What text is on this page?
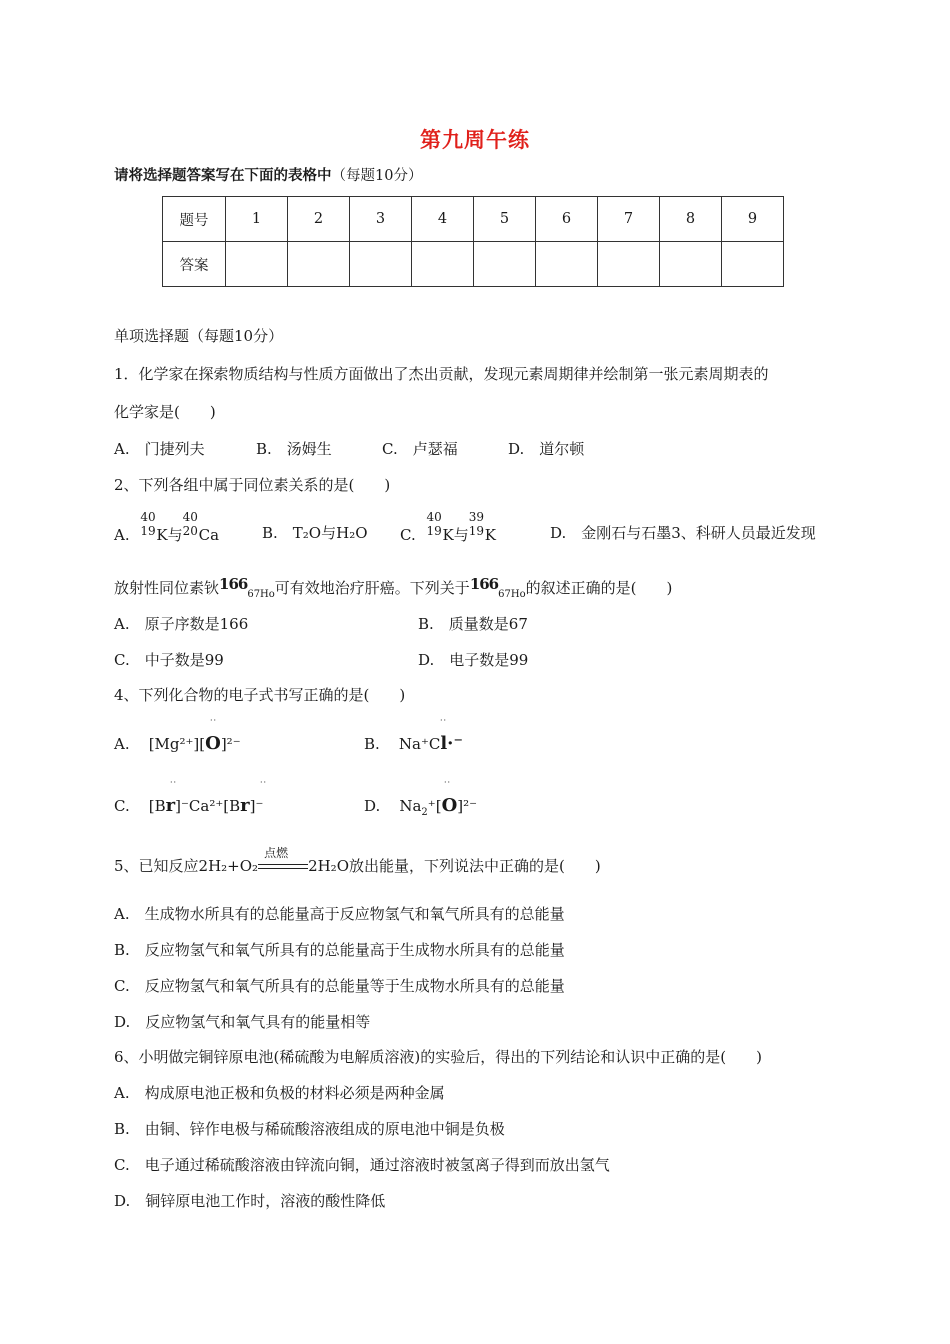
第九周午练
请将选择题答案写在下面的表格中（每题10分）
题号	1	2	3	4	5	6	7	8	9
答案									
单项选择题（每题10分）
1．化学家在探索物质结构与性质方面做出了杰出贡献，发现元素周期律并绘制第一张元素周期表的
化学家是(　　)
A.　门捷列夫	B.　汤姆生	C.　卢瑟福	D.　道尔顿
2、下列各组中属于同位素关系的是(　　)
A.
40
19 K与
40
20 Ca	B.　T₂O与H₂O C.
40
19 K与
39
19 K	D.　金刚石与石墨3、科研人员最近发现
放射性同位素钬$166_{67Ho}$可有效地治疗肝癌。下列关于$166_{67Ho}$的叙述正确的是(　　)
A.　原子序数是166	B.　质量数是67
C.　中子数是99	D.　电子数是99
4、下列化合物的电子式书写正确的是(　　)
A. [Mg²⁺][O]²⁻
··
B. Na⁺Cl·⁻
··
C. [Br]⁻Ca²⁺[Br]⁻
··	··
D. $Na_2^+[O]^{2-}$
··
5、已知反应2H₂+O₂
点燃
2H₂O放出能量，下列说法中正确的是(　　)
A.　生成物水所具有的总能量高于反应物氢气和氧气所具有的总能量
B.　反应物氢气和氧气所具有的总能量高于生成物水所具有的总能量
C.　反应物氢气和氧气所具有的总能量等于生成物水所具有的总能量
D.　反应物氢气和氧气具有的能量相等
6、小明做完铜锌原电池(稀硫酸为电解质溶液)的实验后，得出的下列结论和认识中正确的是(　　)
A.　构成原电池正极和负极的材料必须是两种金属
B.　由铜、锌作电极与稀硫酸溶液组成的原电池中铜是负极
C.　电子通过稀硫酸溶液由锌流向铜，通过溶液时被氢离子得到而放出氢气
D.　铜锌原电池工作时，溶液的酸性降低
